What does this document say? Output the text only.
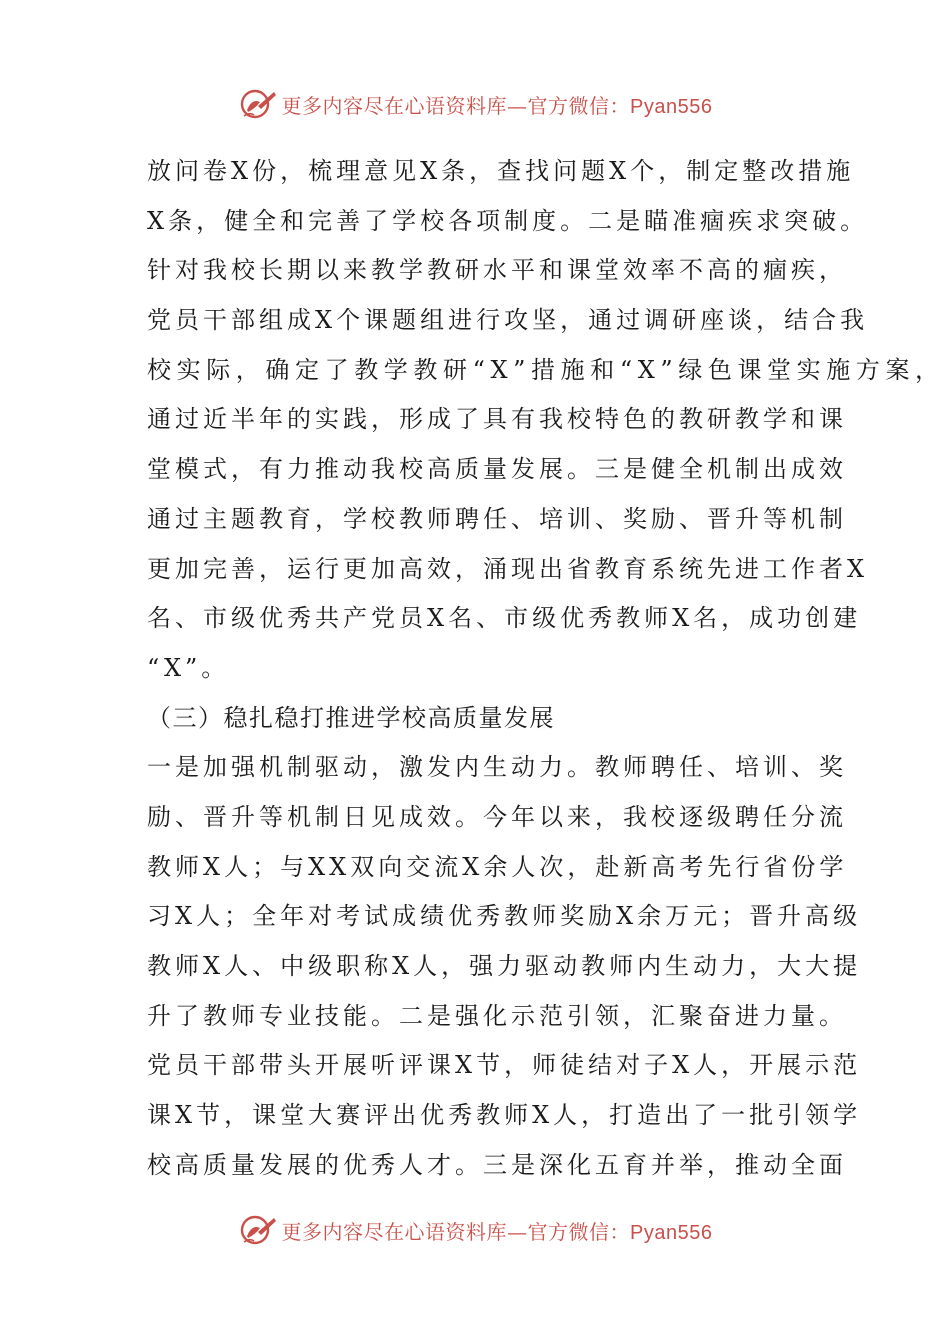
更多内容尽在心语资料库—官方微信：Pyan556
放问卷X份，梳理意见X条，查找问题X个，制定整改措施
X条，健全和完善了学校各项制度。二是瞄准痼疾求突破。
针对我校长期以来教学教研水平和课堂效率不高的痼疾，
党员干部组成X个课题组进行攻坚，通过调研座谈，结合我
校实际，确定了教学教研“X”措施和“X”绿色课堂实施方案，
通过近半年的实践，形成了具有我校特色的教研教学和课
堂模式，有力推动我校高质量发展。三是健全机制出成效
通过主题教育，学校教师聘任、培训、奖励、晋升等机制
更加完善，运行更加高效，涌现出省教育系统先进工作者X
名、市级优秀共产党员X名、市级优秀教师X名，成功创建
“X”。
（三）稳扎稳打推进学校高质量发展
一是加强机制驱动，激发内生动力。教师聘任、培训、奖
励、晋升等机制日见成效。今年以来，我校逐级聘任分流
教师X人；与XX双向交流X余人次，赴新高考先行省份学
习X人；全年对考试成绩优秀教师奖励X余万元；晋升高级
教师X人、中级职称X人，强力驱动教师内生动力，大大提
升了教师专业技能。二是强化示范引领，汇聚奋进力量。
党员干部带头开展听评课X节，师徒结对子X人，开展示范
课X节，课堂大赛评出优秀教师X人，打造出了一批引领学
校高质量发展的优秀人才。三是深化五育并举，推动全面
更多内容尽在心语资料库—官方微信：Pyan556
